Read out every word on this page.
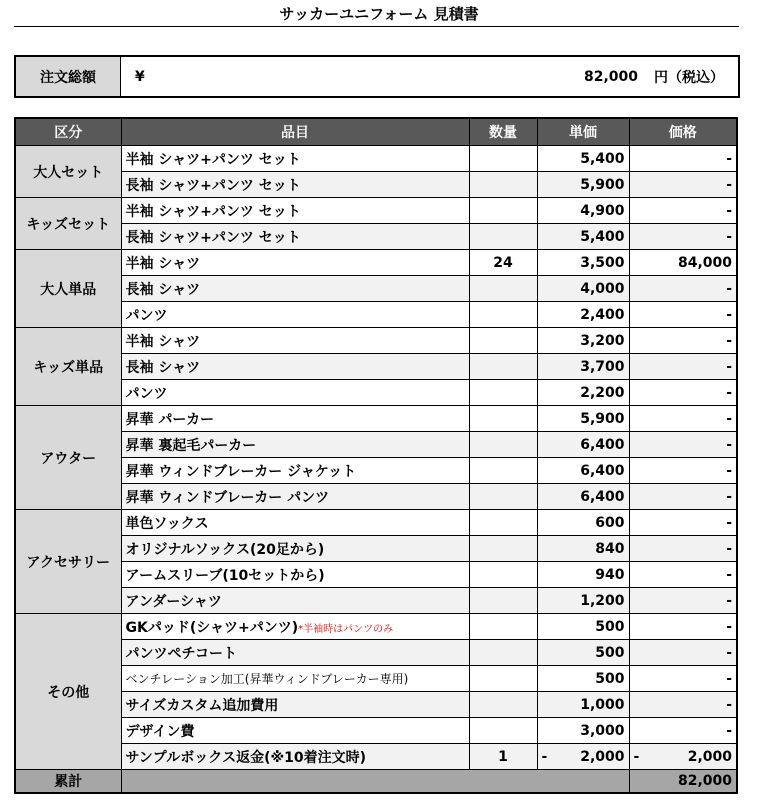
サッカーユニフォーム 見積書
注文総額	¥	82,000 円（税込）
区分	品目	数量	単価	価格
大人セット	半袖 シャツ+パンツ セット		5,400	-
	長袖 シャツ+パンツ セット		5,900	-
キッズセット	半袖 シャツ+パンツ セット		4,900	-
	長袖 シャツ+パンツ セット		5,400	-
大人単品	半袖 シャツ	24	3,500	84,000
	長袖 シャツ		4,000	-
	パンツ		2,400	-
キッズ単品	半袖 シャツ		3,200	-
	長袖 シャツ		3,700	-
	パンツ		2,200	-
アウター	昇華 パーカー		5,900	-
	昇華 裏起毛パーカー		6,400	-
	昇華 ウィンドブレーカー ジャケット		6,400	-
	昇華 ウィンドブレーカー パンツ		6,400	-
アクセサリー	単色ソックス		600	-
	オリジナルソックス(20足から)		840	-
	アームスリーブ(10セットから)		940	-
	アンダーシャツ		1,200	-
その他	GKパッド(シャツ+パンツ)*半袖時はパンツのみ		500	-
	パンツペチコート		500	-
	ベンチレーション加工(昇華ウィンドブレーカー専用)		500	-
	サイズカスタム追加費用		1,000	-
	デザイン費		3,000	-
	サンプルボックス返金(※10着注文時)	1	- 2,000	- 2,000

累計				82,000
